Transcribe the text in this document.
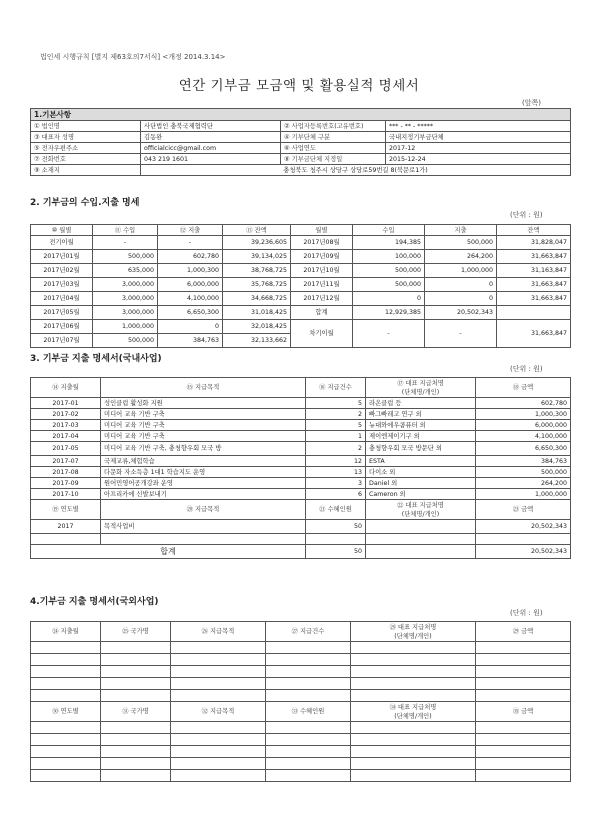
법인세 시행규칙 [별지 제63호의7서식] <개정 2014.3.14>
연간 기부금 모금액 및 활용실적 명세서
(앞쪽)
1.기본사항			
① 법인명	사단법인 충북국제협력단	② 사업자등록번호(고유번호)	*** - ** - *****
③ 대표자 성명	김동완	④ 기부단체 구분	국내지정기부금단체
⑤ 전자우편주소	officialcicc@gmail.com	⑥ 사업연도	2017-12
⑦ 전화번호	043 219 1601	⑧ 기부금단체 지정일	2015-12-24
⑨ 소재지	충청북도 청주시 상당구 상당로59번길 8(북문로1가)		
2. 기부금의 수입.지출 명세
(단위 : 원)
⑩ 월별	⑪ 수입	⑫ 지출	⑬ 잔액	월별	수입	지출	잔액
전기이월	-	-	39,236,605	2017년08월	194,385	500,000	31,828,047
2017년01월	500,000	602,780	39,134,025	2017년09월	100,000	264,200	31,663,847
2017년02월	635,000	1,000,300	38,768,725	2017년10월	500,000	1,000,000	31,163,847
2017년03월	3,000,000	6,000,000	35,768,725	2017년11월	500,000	0	31,663,847
2017년04월	3,000,000	4,100,000	34,668,725	2017년12월	0	0	31,663,847
2017년05월	3,000,000	6,650,300	31,018,425	합계	12,929,385	20,502,343	
2017년06월	1,000,000	0	32,018,425	차기이월	-	-	31,663,847
2017년07월	500,000	384,763	32,133,662				
3. 기부금 지출 명세서(국내사업)
(단위 : 원)
⑭ 지출월	⑮ 지급목적	⑯ 지급건수	⑰ 대표 지급처명
(단체명/개인)	⑱ 금액
2017-01	성인클럽 활성화 지원	5	라온클럽 등	602,780
2017-02	미디어 교육 기반 구축	2	빠그빠래고 연구 외	1,000,300
2017-03	미디어 교육 기반 구축	5	뉴대와에우콤퓨터 외	6,000,000
2017-04	미디어 교육 기반 구축	1	제이엔제이기구 외	4,100,000
2017-05	미디어 교육 기반 구축, 충청향우회 모국 방	2	충청향우회 모국 방문단 외	6,650,300
2017-07	국제교류,체험학습	12	ESTA	384,763
2017-08	다문화 자소득층 1대1 학습지도 운영	13	다이소 외	500,000
2017-09	원어민영어공개강좌 운영	3	Daniel 외	264,200
2017-10	아프리카에 신발보내기	6	Cameron 외	1,000,000
⑲ 연도별	⑳ 지급목적	㉑ 수혜인원	㉒ 대표 지급처명
(단체명/개인)	㉓ 금액
2017	목적사업비	50		20,502,343

합계		50		20,502,343
4.기부금 지출 명세서(국외사업)
(단위 : 원)
㉔ 지출월	㉕ 국가명	㉖ 지급목적	㉗ 지급건수	㉘ 대표 지급처명
(단체명/개인)	㉙ 금액

㉚ 연도별	㉛ 국가명	㉜ 지급목적	㉝ 수혜인원	㉞ 대표 지급처명
(단체명/개인)	㉟ 금액
